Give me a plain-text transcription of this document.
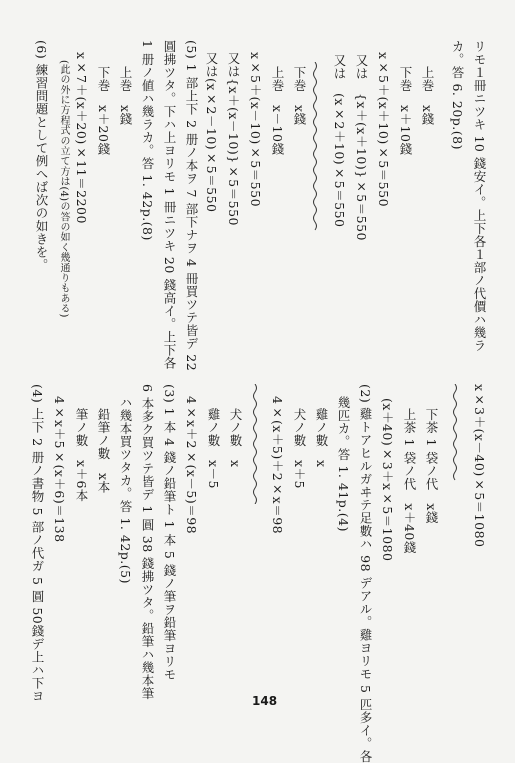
リモ１冊ニツキ 10 錢安イ。上下各１部ノ代價ハ幾ラ
カ。答 6. 20p.(8)
上巻　x錢
下巻　x＋10錢
x×5＋(x＋10)×5＝550
又は　{x＋(x＋10)}×5＝550
又は　(x×2＋10)×5＝550
下巻　x錢
上巻　x－10錢
x×5＋(x－10)×5＝550
又は{x＋(x－10)}×5＝550
又は(x×2－10)×5＝550
(5) 1 部上下 2 册ノ本ヲ 7 部下ナヲ 4 冊買ツテ皆デ 22
圓拂ツタ。下ハ上ヨリモ 1 冊ニツキ 20 錢高イ。上下各
1 册ノ値ハ幾ラカ。答 1. 42p.(8)
上巻　x錢
下巻　x＋20錢
x×7＋(x＋20)×11＝2200
(此の外に方程式の立て方は(4)の答の如く幾通りもある)
(6) 練習問題として例へば次の如きを。
x×3＋(x－40)×5＝1080
下茶 1 袋ノ代　x錢
上茶 1 袋ノ代　x＋40錢
(x＋40)×3＋x×5＝1080
(2) 雞トアヒルガヰテ足數ハ 98 デアル。雞ヨリモ 5 匹多イ。各
幾匹カ。答 1. 41p.(4)
雞ノ數　x
犬ノ數　x＋5
4×(x＋5)＋2×x＝98
犬ノ數　x
雞ノ數　x－5
4×x＋2×(x－5)＝98
(3) 1 本 4 錢ノ鉛筆ト 1 本 5 錢ノ筆ヲ鉛筆ヨリモ
6 本多ク買ツテ皆デ 1 圓 38 錢拂ツタ。鉛筆ハ幾本筆
ハ幾本買ツタカ。答 1. 42p.(5)
鉛筆ノ數　x本
筆ノ數　x＋6本
4×x＋5×(x＋6)＝138
(4) 上下 2 册ノ書物 5 部ノ代ガ 5 圓 50錢デ上ハ下ヨ	148
